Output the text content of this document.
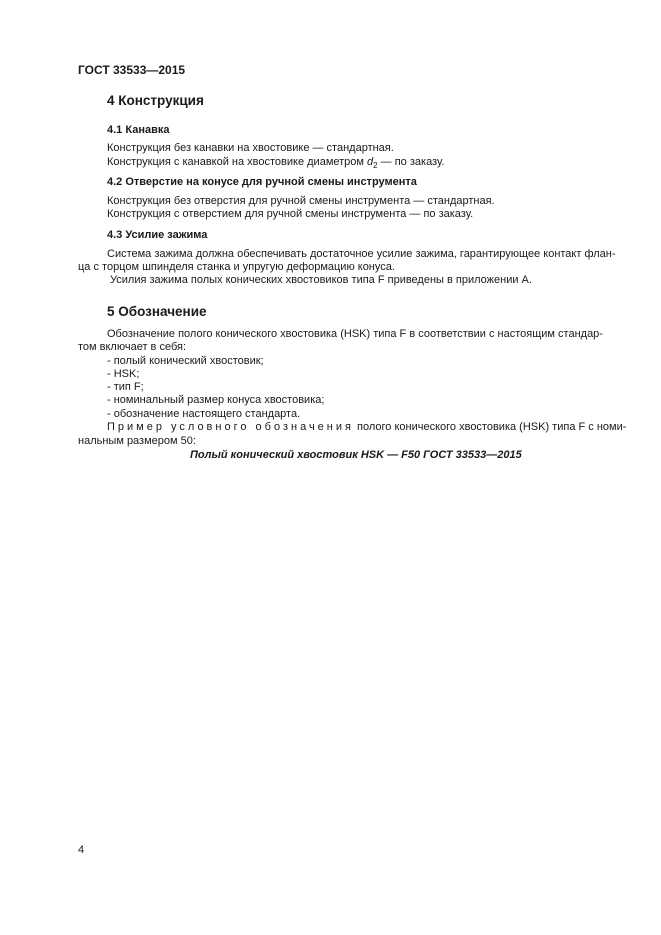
ГОСТ 33533—2015
4 Конструкция
4.1 Канавка
Конструкция без канавки на хвостовике — стандартная.
Конструкция с канавкой на хвостовике диаметром $d_2$ — по заказу.
4.2 Отверстие на конусе для ручной смены инструмента
Конструкция без отверстия для ручной смены инструмента — стандартная.
Конструкция с отверстием для ручной смены инструмента — по заказу.
4.3 Усилие зажима
Система зажима должна обеспечивать достаточное усилие зажима, гарантирующее контакт флан-
ца с торцом шпинделя станка и упругую деформацию конуса.
Усилия зажима полых конических хвостовиков типа F приведены в приложении А.
5 Обозначение
Обозначение полого конического хвостовика (HSK) типа F в соответствии с настоящим стандар-
том включает в себя:
- полый конический хвостовик;
- HSK;
- тип F;
- номинальный размер конуса хвостовика;
- обозначение настоящего стандарта.
Пример условного обозначения полого конического хвостовика (HSK) типа F с номи-
нальным размером 50:
Полый конический хвостовик HSK — F50 ГОСТ 33533—2015
4
